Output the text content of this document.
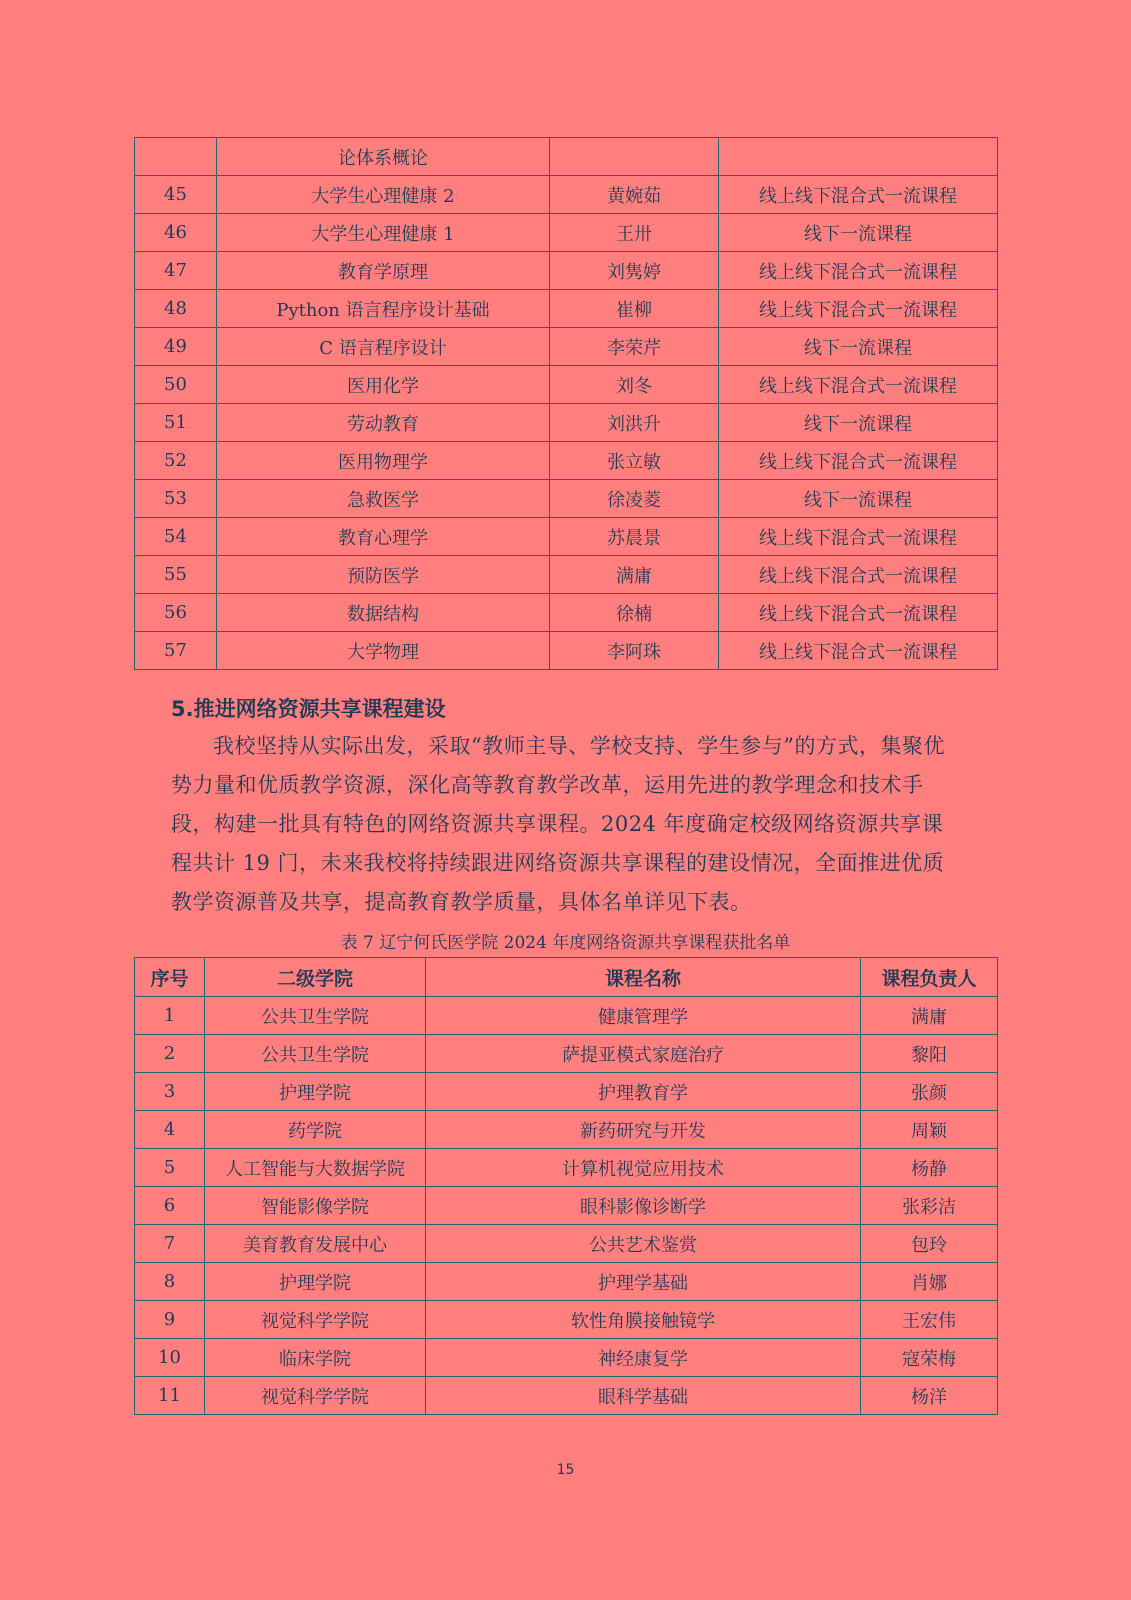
	论体系概论		
45	大学生心理健康 2	黄婉茹	线上线下混合式一流课程
46	大学生心理健康 1	王卅	线下一流课程
47	教育学原理	刘隽婷	线上线下混合式一流课程
48	Python 语言程序设计基础	崔柳	线上线下混合式一流课程
49	C 语言程序设计	李荣芹	线下一流课程
50	医用化学	刘冬	线上线下混合式一流课程
51	劳动教育	刘洪升	线下一流课程
52	医用物理学	张立敏	线上线下混合式一流课程
53	急救医学	徐凌菱	线下一流课程
54	教育心理学	苏晨景	线上线下混合式一流课程
55	预防医学	满庸	线上线下混合式一流课程
56	数据结构	徐楠	线上线下混合式一流课程
57	大学物理	李阿珠	线上线下混合式一流课程
5.推进网络资源共享课程建设

我校坚持从实际出发，采取“教师主导、学校支持、学生参与”的方式，集聚优势力量和优质教学资源，深化高等教育教学改革，运用先进的教学理念和技术手段，构建一批具有特色的网络资源共享课程。2024 年度确定校级网络资源共享课程共计 19 门，未来我校将持续跟进网络资源共享课程的建设情况，全面推进优质教学资源普及共享，提高教育教学质量，具体名单详见下表。

表 7 辽宁何氏医学院 2024 年度网络资源共享课程获批名单

序号	二级学院	课程名称	课程负责人
1	公共卫生学院	健康管理学	满庸
2	公共卫生学院	萨提亚模式家庭治疗	黎阳
3	护理学院	护理教育学	张颜
4	药学院	新药研究与开发	周颖
5	人工智能与大数据学院	计算机视觉应用技术	杨静
6	智能影像学院	眼科影像诊断学	张彩洁
7	美育教育发展中心	公共艺术鉴赏	包玲
8	护理学院	护理学基础	肖娜
9	视觉科学学院	软性角膜接触镜学	王宏伟
10	临床学院	神经康复学	寇荣梅
11	视觉科学学院	眼科学基础	杨洋
15
